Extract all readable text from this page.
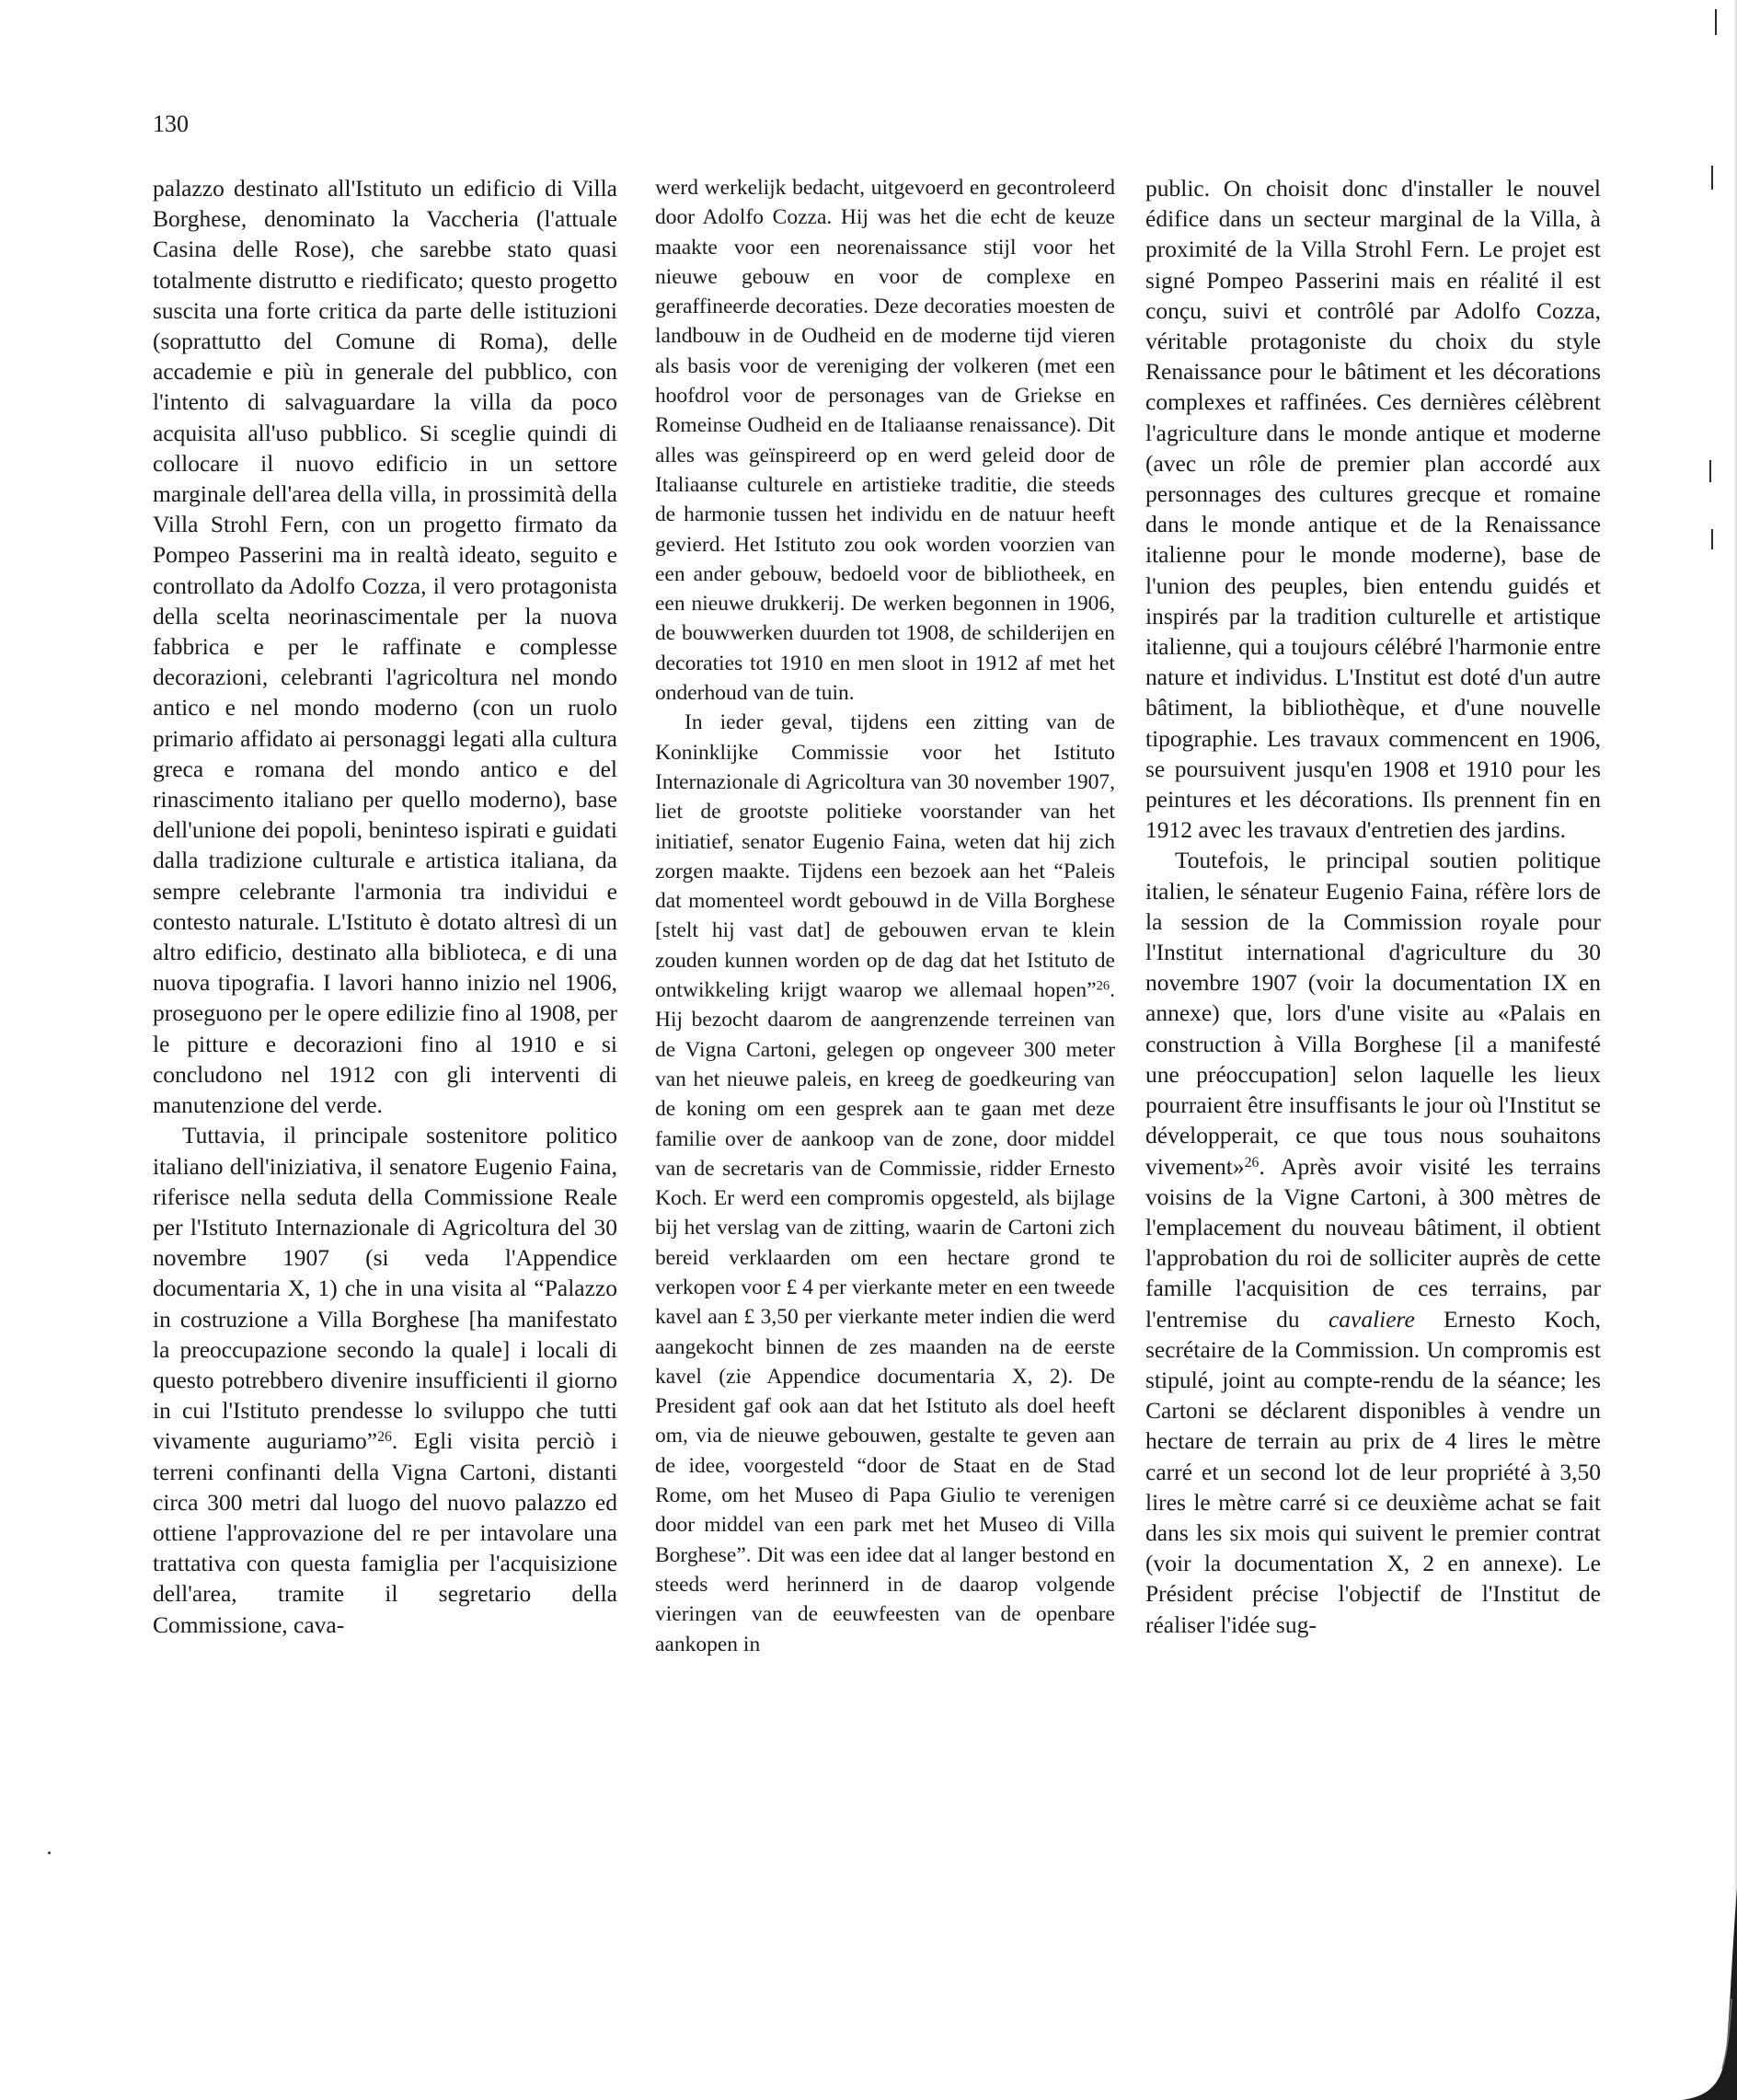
130

palazzo destinato all'Istituto un edificio di Villa Borghese, denominato la Vaccheria (l'attuale Casina delle Rose), che sarebbe stato quasi totalmente distrutto e riedificato; questo progetto suscita una forte critica da parte delle istituzioni (soprattutto del Comune di Roma), delle accademie e più in generale del pubblico, con l'intento di salvaguardare la villa da poco acquisita all'uso pubblico. Si sceglie quindi di collocare il nuovo edificio in un settore marginale dell'area della villa, in prossimità della Villa Strohl Fern, con un progetto firmato da Pompeo Passerini ma in realtà ideato, seguito e controllato da Adolfo Cozza, il vero protagonista della scelta neorinascimentale per la nuova fabbrica e per le raffinate e complesse decorazioni, celebranti l'agricoltura nel mondo antico e nel mondo moderno (con un ruolo primario affidato ai personaggi legati alla cultura greca e romana del mondo antico e del rinascimento italiano per quello moderno), base dell'unione dei popoli, beninteso ispirati e guidati dalla tradizione culturale e artistica italiana, da sempre celebrante l'armonia tra individui e contesto naturale. L'Istituto è dotato altresì di un altro edificio, destinato alla biblioteca, e di una nuova tipografia. I lavori hanno inizio nel 1906, proseguono per le opere edilizie fino al 1908, per le pitture e decorazioni fino al 1910 e si concludono nel 1912 con gli interventi di manutenzione del verde.

Tuttavia, il principale sostenitore politico italiano dell'iniziativa, il senatore Eugenio Faina, riferisce nella seduta della Commissione Reale per l'Istituto Internazionale di Agricoltura del 30 novembre 1907 (si veda l'Appendice documentaria X, 1) che in una visita al “Palazzo in costruzione a Villa Borghese [ha manifestato la preoccupazione secondo la quale] i locali di questo potrebbero divenire insufficienti il giorno in cui l'Istituto prendesse lo sviluppo che tutti vivamente auguriamo”$^{26}$. Egli visita perciò i terreni confinanti della Vigna Cartoni, distanti circa 300 metri dal luogo del nuovo palazzo ed ottiene l'approvazione del re per intavolare una trattativa con questa famiglia per l'acquisizione dell'area, tramite il segretario della Commissione, cava-

werd werkelijk bedacht, uitgevoerd en gecontroleerd door Adolfo Cozza. Hij was het die echt de keuze maakte voor een neorenaissance stijl voor het nieuwe gebouw en voor de complexe en geraffineerde decoraties. Deze decoraties moesten de landbouw in de Oudheid en de moderne tijd vieren als basis voor de vereniging der volkeren (met een hoofdrol voor de personages van de Griekse en Romeinse Oudheid en de Italiaanse renaissance). Dit alles was geïnspireerd op en werd geleid door de Italiaanse culturele en artistieke traditie, die steeds de harmonie tussen het individu en de natuur heeft gevierd. Het Istituto zou ook worden voorzien van een ander gebouw, bedoeld voor de bibliotheek, en een nieuwe drukkerij. De werken begonnen in 1906, de bouwwerken duurden tot 1908, de schilderijen en decoraties tot 1910 en men sloot in 1912 af met het onderhoud van de tuin.

In ieder geval, tijdens een zitting van de Koninklijke Commissie voor het Istituto Internazionale di Agricoltura van 30 november 1907, liet de grootste politieke voorstander van het initiatief, senator Eugenio Faina, weten dat hij zich zorgen maakte. Tijdens een bezoek aan het “Paleis dat momenteel wordt gebouwd in de Villa Borghese [stelt hij vast dat] de gebouwen ervan te klein zouden kunnen worden op de dag dat het Istituto de ontwikkeling krijgt waarop we allemaal hopen”$^{26}$. Hij bezocht daarom de aangrenzende terreinen van de Vigna Cartoni, gelegen op ongeveer 300 meter van het nieuwe paleis, en kreeg de goedkeuring van de koning om een gesprek aan te gaan met deze familie over de aankoop van de zone, door middel van de secretaris van de Commissie, ridder Ernesto Koch. Er werd een compromis opgesteld, als bijlage bij het verslag van de zitting, waarin de Cartoni zich bereid verklaarden om een hectare grond te verkopen voor £ 4 per vierkante meter en een tweede kavel aan £ 3,50 per vierkante meter indien die werd aangekocht binnen de zes maanden na de eerste kavel (zie Appendice documentaria X, 2). De President gaf ook aan dat het Istituto als doel heeft om, via de nieuwe gebouwen, gestalte te geven aan de idee, voorgesteld “door de Staat en de Stad Rome, om het Museo di Papa Giulio te verenigen door middel van een park met het Museo di Villa Borghese”. Dit was een idee dat al langer bestond en steeds werd herinnerd in de daarop volgende vieringen van de eeuwfeesten van de openbare aankopen in

public. On choisit donc d'installer le nouvel édifice dans un secteur marginal de la Villa, à proximité de la Villa Strohl Fern. Le projet est signé Pompeo Passerini mais en réalité il est conçu, suivi et contrôlé par Adolfo Cozza, véritable protagoniste du choix du style Renaissance pour le bâtiment et les décorations complexes et raffinées. Ces dernières célèbrent l'agriculture dans le monde antique et moderne (avec un rôle de premier plan accordé aux personnages des cultures grecque et romaine dans le monde antique et de la Renaissance italienne pour le monde moderne), base de l'union des peuples, bien entendu guidés et inspirés par la tradition culturelle et artistique italienne, qui a toujours célébré l'harmonie entre nature et individus. L'Institut est doté d'un autre bâtiment, la bibliothèque, et d'une nouvelle tipographie. Les travaux commencent en 1906, se poursuivent jusqu'en 1908 et 1910 pour les peintures et les décorations. Ils prennent fin en 1912 avec les travaux d'entretien des jardins.

Toutefois, le principal soutien politique italien, le sénateur Eugenio Faina, réfère lors de la session de la Commission royale pour l'Institut international d'agriculture du 30 novembre 1907 (voir la documentation IX en annexe) que, lors d'une visite au «Palais en construction à Villa Borghese [il a manifesté une préoccupation] selon laquelle les lieux pourraient être insuffisants le jour où l'Institut se développerait, ce que tous nous souhaitons vivement»$^{26}$. Après avoir visité les terrains voisins de la Vigne Cartoni, à 300 mètres de l'emplacement du nouveau bâtiment, il obtient l'approbation du roi de solliciter auprès de cette famille l'acquisition de ces terrains, par l'entremise du cavaliere Ernesto Koch, secrétaire de la Commission. Un compromis est stipulé, joint au compte-rendu de la séance; les Cartoni se déclarent disponibles à vendre un hectare de terrain au prix de 4 lires le mètre carré et un second lot de leur propriété à 3,50 lires le mètre carré si ce deuxième achat se fait dans les six mois qui suivent le premier contrat (voir la documentation X, 2 en annexe). Le Président précise l'objectif de l'Institut de réaliser l'idée sug-
